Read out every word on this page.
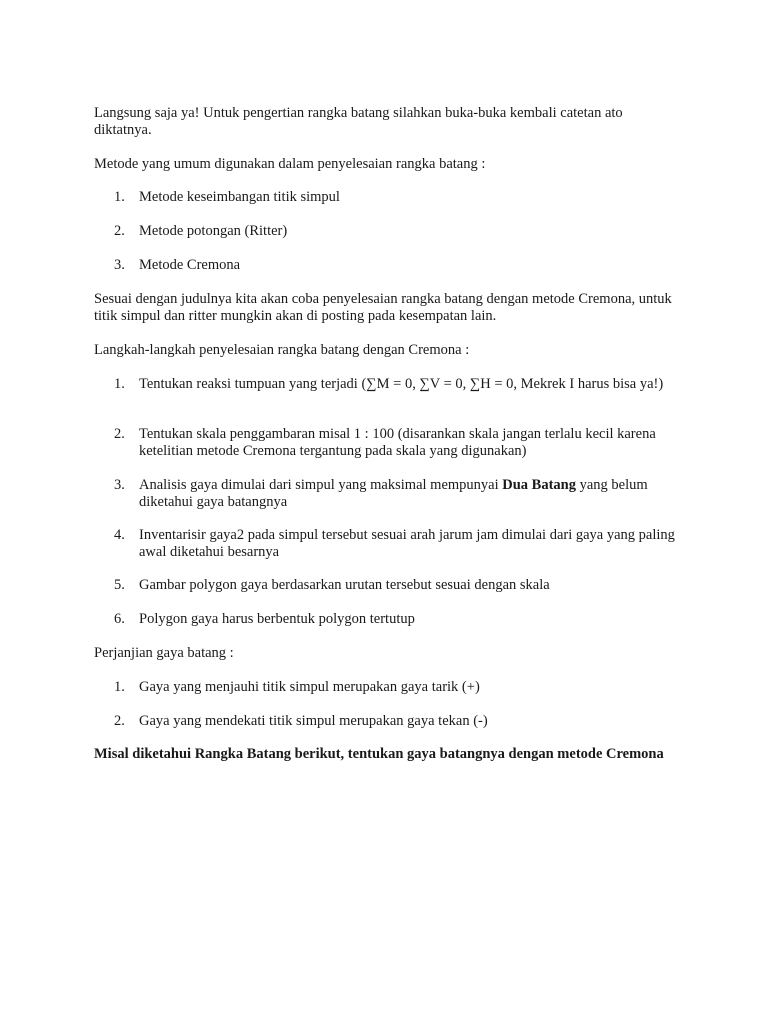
Langsung saja ya! Untuk pengertian rangka batang silahkan buka-buka kembali catetan ato diktatnya.

Metode yang umum digunakan dalam penyelesaian rangka batang :

1. Metode keseimbangan titik simpul
2. Metode potongan (Ritter)
3. Metode Cremona

Sesuai dengan judulnya kita akan coba penyelesaian rangka batang dengan metode Cremona, untuk titik simpul dan ritter mungkin akan di posting pada kesempatan lain.

Langkah-langkah penyelesaian rangka batang dengan Cremona :

1. Tentukan reaksi tumpuan yang terjadi (∑M = 0, ∑V = 0, ∑H = 0, Mekrek I harus bisa ya!)
2. Tentukan skala penggambaran misal 1 : 100 (disarankan skala jangan terlalu kecil karena ketelitian metode Cremona tergantung pada skala yang digunakan)
3. Analisis gaya dimulai dari simpul yang maksimal mempunyai Dua Batang yang belum diketahui gaya batangnya
4. Inventarisir gaya2 pada simpul tersebut sesuai arah jarum jam dimulai dari gaya yang paling awal diketahui besarnya
5. Gambar polygon gaya berdasarkan urutan tersebut sesuai dengan skala
6. Polygon gaya harus berbentuk polygon tertutup

Perjanjian gaya batang :

1. Gaya yang menjauhi titik simpul merupakan gaya tarik (+)
2. Gaya yang mendekati titik simpul merupakan gaya tekan (-)

Misal diketahui Rangka Batang berikut, tentukan gaya batangnya dengan metode Cremona
